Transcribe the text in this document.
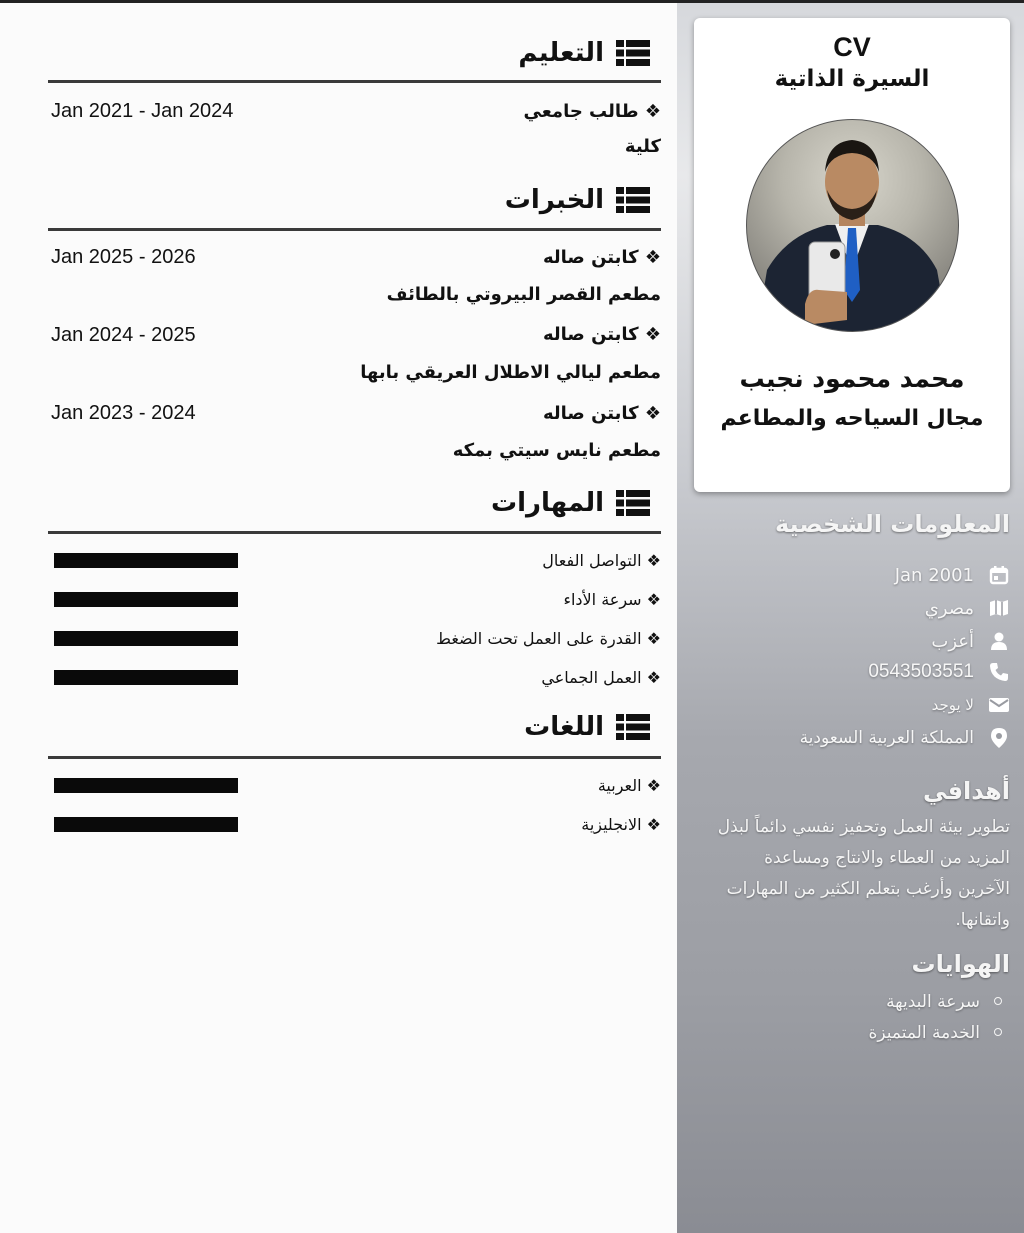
CV
السيرة الذاتية
محمد محمود نجيب
مجال السياحه والمطاعم
المعلومات الشخصية
Jan 2001
مصري
أعزب
0543503551
لا يوجد
المملكة العربية السعودية
أهدافي
تطوير بيئة العمل وتحفيز نفسي دائماً لبذل المزيد من العطاء والانتاج ومساعدة الآخرين وأرغب بتعلم الكثير من المهارات واتقانها.
الهوايات
سرعة البديهة
الخدمة المتميزة
التعليم
❖ طالب جامعي
Jan 2021 - Jan 2024
كلية
الخبرات
❖ كابتن صاله
Jan 2025 - 2026
مطعم القصر البيروتي بالطائف
❖ كابتن صاله
Jan 2024 - 2025
مطعم ليالي الاطلال العريقي بابها
❖ كابتن صاله
Jan 2023 - 2024
مطعم نايس سيتي بمكه
المهارات
❖ التواصل الفعال
❖ سرعة الأداء
❖ القدرة على العمل تحت الضغط
❖ العمل الجماعي
اللغات
❖ العربية
❖ الانجليزية
